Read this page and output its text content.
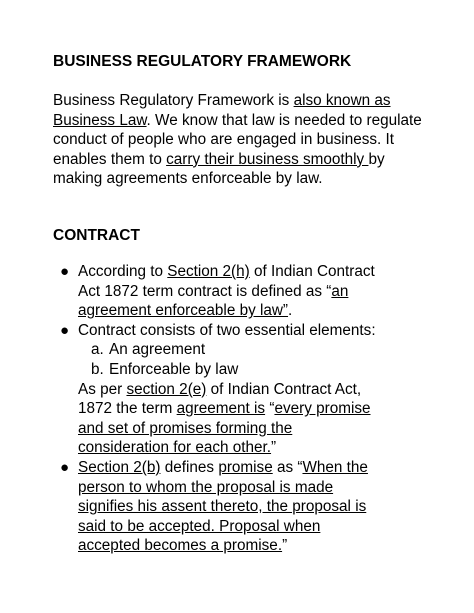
BUSINESS REGULATORY FRAMEWORK

Business Regulatory Framework is also known as Business Law. We know that law is needed to regulate conduct of people who are engaged in business. It enables them to carry their business smoothly by making agreements enforceable by law.

CONTRACT
● According to Section 2(h) of Indian Contract Act 1872 term contract is defined as “an agreement enforceable by law”.
● Contract consists of two essential elements:
a. An agreement
b. Enforceable by law
As per section 2(e) of Indian Contract Act, 1872 the term agreement is “every promise and set of promises forming the consideration for each other.”
● Section 2(b) defines promise as “When the person to whom the proposal is made signifies his assent thereto, the proposal is said to be accepted. Proposal when accepted becomes a promise.”
